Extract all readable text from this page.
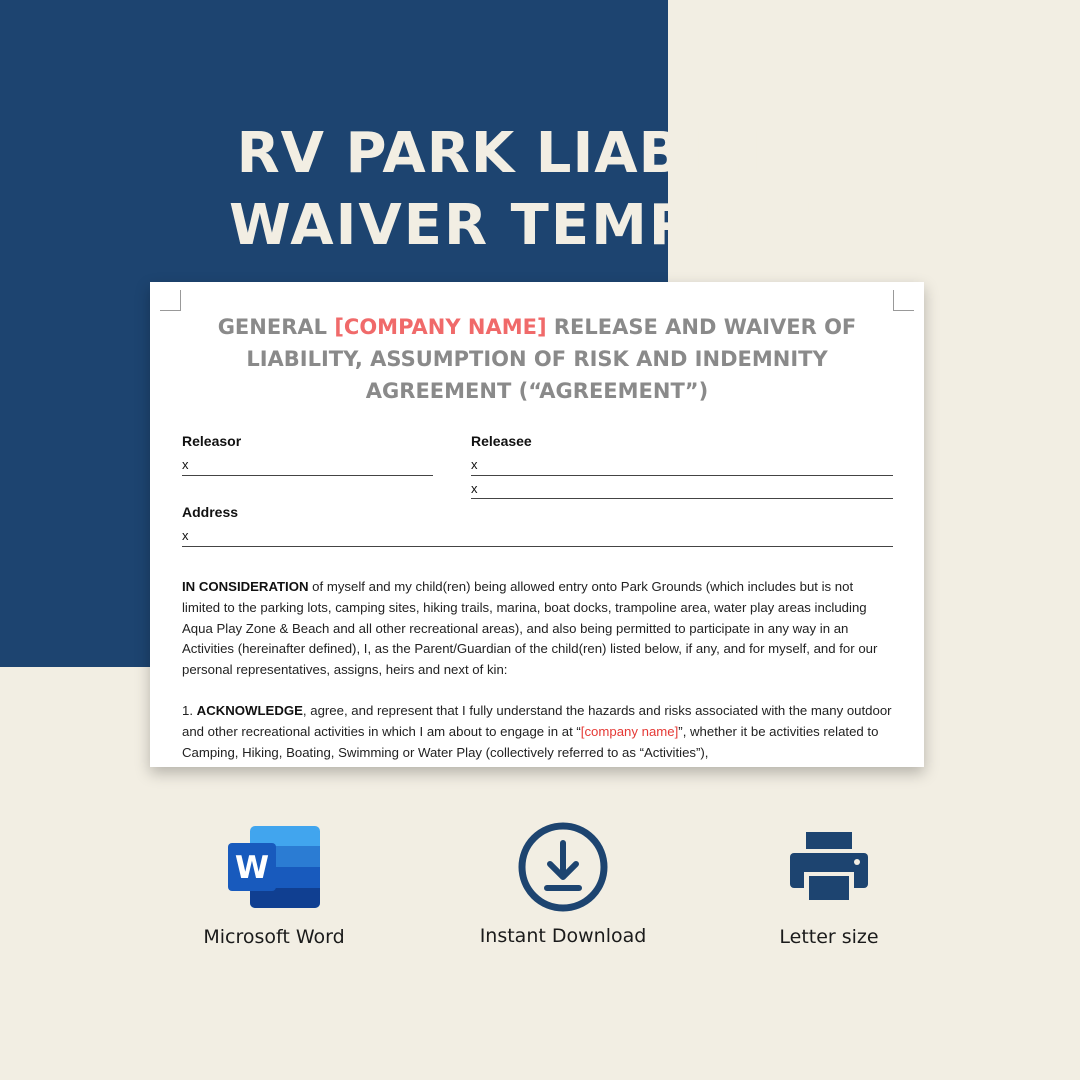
RV PARK LIABILITY
WAIVER TEMPLATE
GENERAL [COMPANY NAME] RELEASE AND WAIVER OF LIABILITY, ASSUMPTION OF RISK AND INDEMNITY AGREEMENT (“AGREEMENT”)
Releasor
x
Releasee
x
x
Address
x
IN CONSIDERATION of myself and my child(ren) being allowed entry onto Park Grounds (which includes but is not limited to the parking lots, camping sites, hiking trails, marina, boat docks, trampoline area, water play areas including Aqua Play Zone & Beach and all other recreational areas), and also being permitted to participate in any way in an Activities (hereinafter defined), I, as the Parent/Guardian of the child(ren) listed below, if any, and for myself, and for our personal representatives, assigns, heirs and next of kin:
1. ACKNOWLEDGE, agree, and represent that I fully understand the hazards and risks associated with the many outdoor and other recreational activities in which I am about to engage in at “[company name]”, whether it be activities related to Camping, Hiking, Boating, Swimming or Water Play (collectively referred to as “Activities”),
W
Microsoft Word	Instant Download	Letter size
